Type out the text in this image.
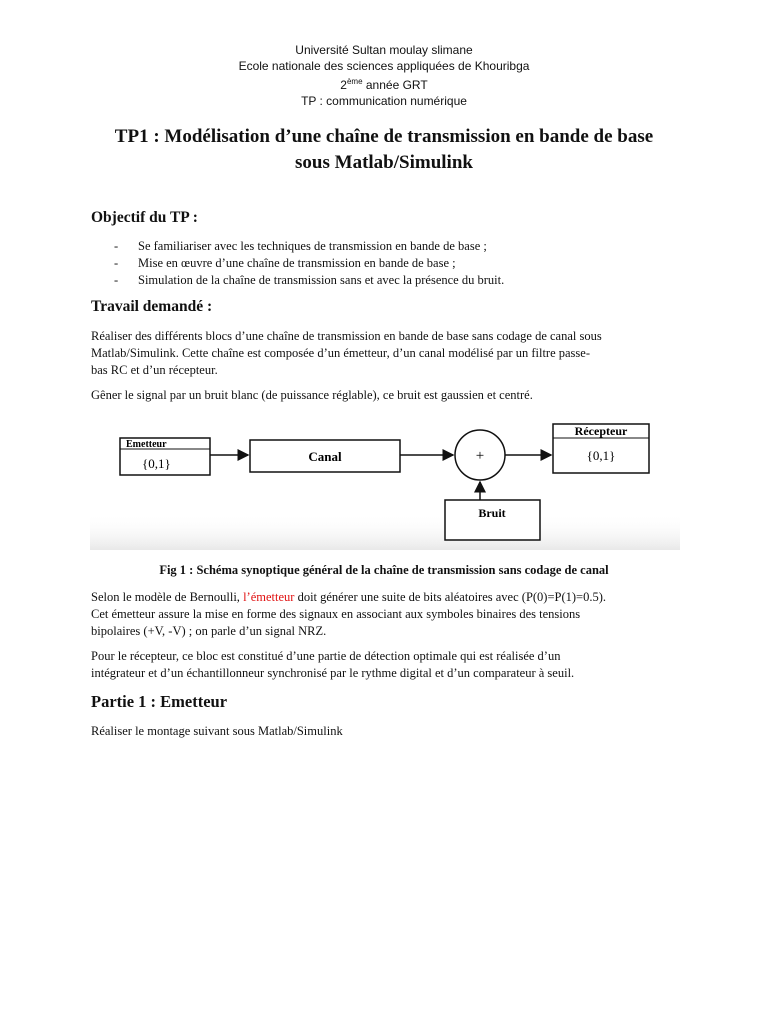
Université Sultan moulay slimane
Ecole nationale des sciences appliquées de Khouribga
2ème année GRT
TP : communication numérique
TP1 : Modélisation d’une chaîne de transmission en bande de base
sous Matlab/Simulink
Objectif du TP :
- Se familiariser avec les techniques de transmission en bande de base ;
- Mise en œuvre d’une chaîne de transmission en bande de base ;
- Simulation de la chaîne de transmission sans et avec la présence du bruit.
Travail demandé :

Réaliser des différents blocs d’une chaîne de transmission en bande de base sans codage de canal sous
Matlab/Simulink. Cette chaîne est composée d’un émetteur, d’un canal modélisé par un filtre passe-
bas RC et d’un récepteur.

Gêner le signal par un bruit blanc (de puissance réglable), ce bruit est gaussien et centré.

Emetteur
{0,1}	Canal	+
Récepteur
{0,1}
Bruit
Fig 1 : Schéma synoptique général de la chaîne de transmission sans codage de canal

Selon le modèle de Bernoulli, l’émetteur doit générer une suite de bits aléatoires avec (P(0)=P(1)=0.5).
Cet émetteur assure la mise en forme des signaux en associant aux symboles binaires des tensions
bipolaires (+V, -V) ; on parle d’un signal NRZ.

Pour le récepteur, ce bloc est constitué d’une partie de détection optimale qui est réalisée d’un
intégrateur et d’un échantillonneur synchronisé par le rythme digital et d’un comparateur à seuil.

Partie 1 : Emetteur

Réaliser le montage suivant sous Matlab/Simulink
